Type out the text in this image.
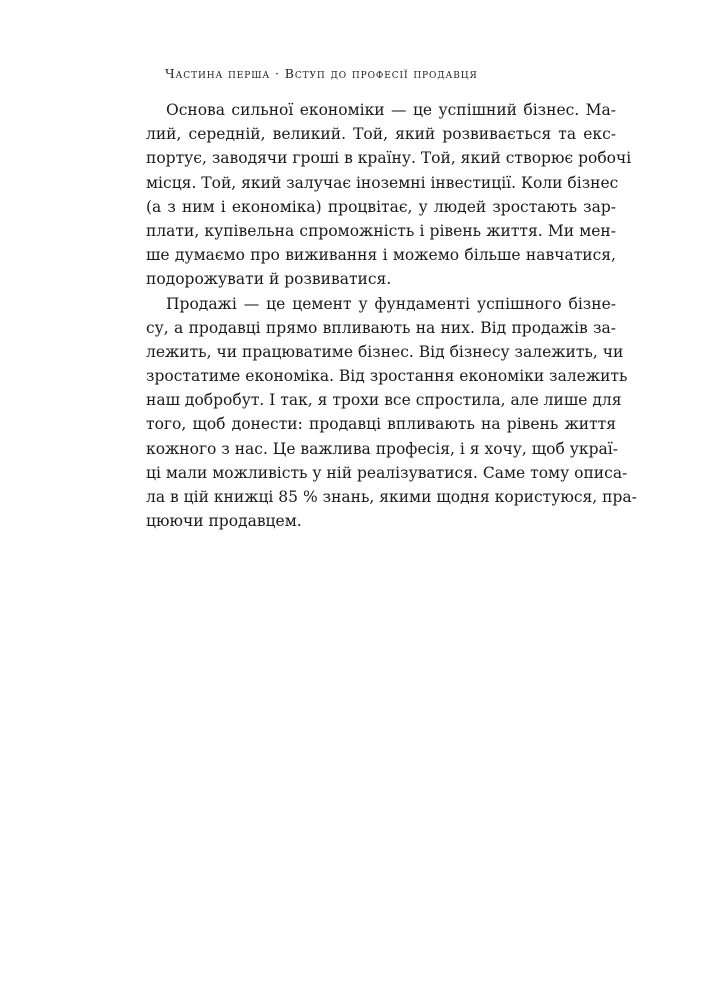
Частина перша · Вступ до професії продавця
Основа сильної економіки — це успішний бізнес. Ма-
лий, середній, великий. Той, який розвивається та екс-
портує, заводячи гроші в країну. Той, який створює робочі
місця. Той, який залучає іноземні інвестиції. Коли бізнес
(а з ним і економіка) процвітає, у людей зростають зар-
плати, купівельна спроможність і рівень життя. Ми мен-
ше думаємо про виживання і можемо більше навчатися,
подорожувати й розвиватися.
Продажі — це цемент у фундаменті успішного бізне-
су, а продавці прямо впливають на них. Від продажів за-
лежить, чи працюватиме бізнес. Від бізнесу залежить, чи
зростатиме економіка. Від зростання економіки залежить
наш добробут. І так, я трохи все спростила, але лише для
того, щоб донести: продавці впливають на рівень життя
кожного з нас. Це важлива професія, і я хочу, щоб украї-
ці мали можливість у ній реалізуватися. Саме тому описа-
ла в цій книжці 85 % знань, якими щодня користуюся, пра-
цюючи продавцем.
